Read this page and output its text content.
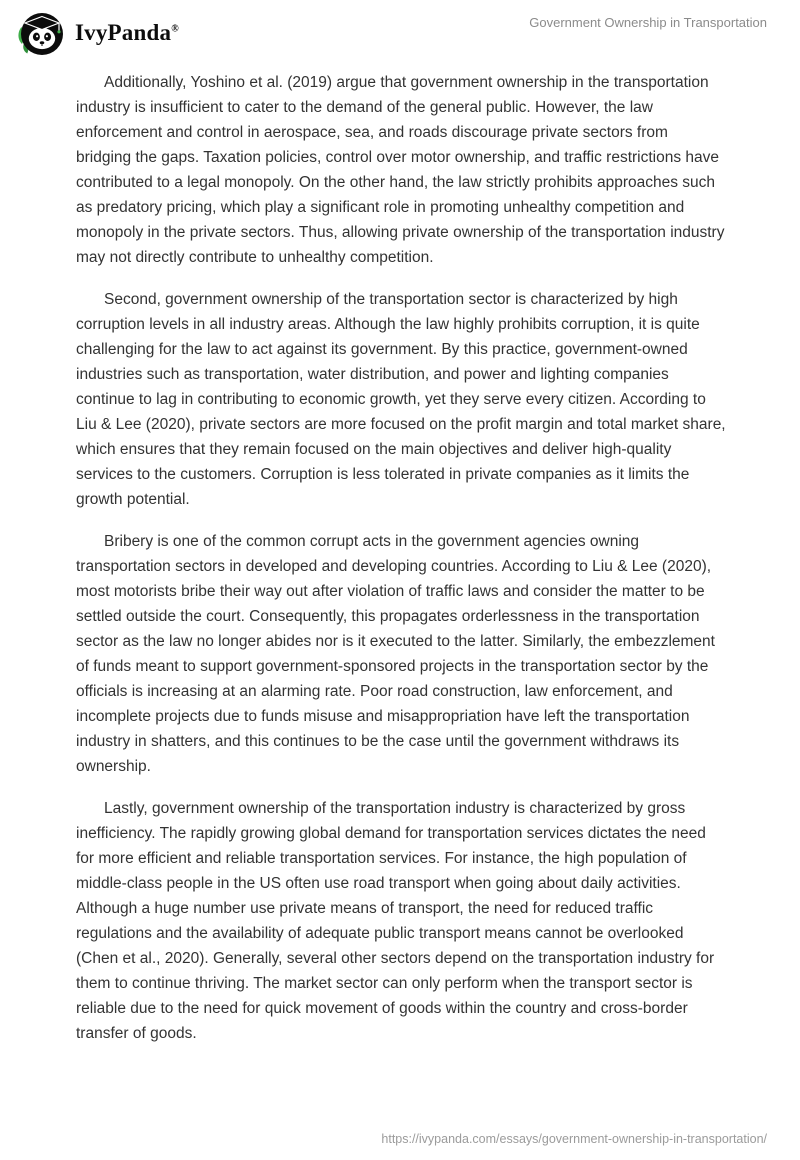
IvyPanda®	Government Ownership in Transportation

Additionally, Yoshino et al. (2019) argue that government ownership in the transportation industry is insufficient to cater to the demand of the general public. However, the law enforcement and control in aerospace, sea, and roads discourage private sectors from bridging the gaps. Taxation policies, control over motor ownership, and traffic restrictions have contributed to a legal monopoly. On the other hand, the law strictly prohibits approaches such as predatory pricing, which play a significant role in promoting unhealthy competition and monopoly in the private sectors. Thus, allowing private ownership of the transportation industry may not directly contribute to unhealthy competition.

Second, government ownership of the transportation sector is characterized by high corruption levels in all industry areas. Although the law highly prohibits corruption, it is quite challenging for the law to act against its government. By this practice, government-owned industries such as transportation, water distribution, and power and lighting companies continue to lag in contributing to economic growth, yet they serve every citizen. According to Liu & Lee (2020), private sectors are more focused on the profit margin and total market share, which ensures that they remain focused on the main objectives and deliver high-quality services to the customers. Corruption is less tolerated in private companies as it limits the growth potential.

Bribery is one of the common corrupt acts in the government agencies owning transportation sectors in developed and developing countries. According to Liu & Lee (2020), most motorists bribe their way out after violation of traffic laws and consider the matter to be settled outside the court. Consequently, this propagates orderlessness in the transportation sector as the law no longer abides nor is it executed to the latter. Similarly, the embezzlement of funds meant to support government-sponsored projects in the transportation sector by the officials is increasing at an alarming rate. Poor road construction, law enforcement, and incomplete projects due to funds misuse and misappropriation have left the transportation industry in shatters, and this continues to be the case until the government withdraws its ownership.

Lastly, government ownership of the transportation industry is characterized by gross inefficiency. The rapidly growing global demand for transportation services dictates the need for more efficient and reliable transportation services. For instance, the high population of middle-class people in the US often use road transport when going about daily activities. Although a huge number use private means of transport, the need for reduced traffic regulations and the availability of adequate public transport means cannot be overlooked (Chen et al., 2020). Generally, several other sectors depend on the transportation industry for them to continue thriving. The market sector can only perform when the transport sector is reliable due to the need for quick movement of goods within the country and cross-border transfer of goods.

https://ivypanda.com/essays/government-ownership-in-transportation/
